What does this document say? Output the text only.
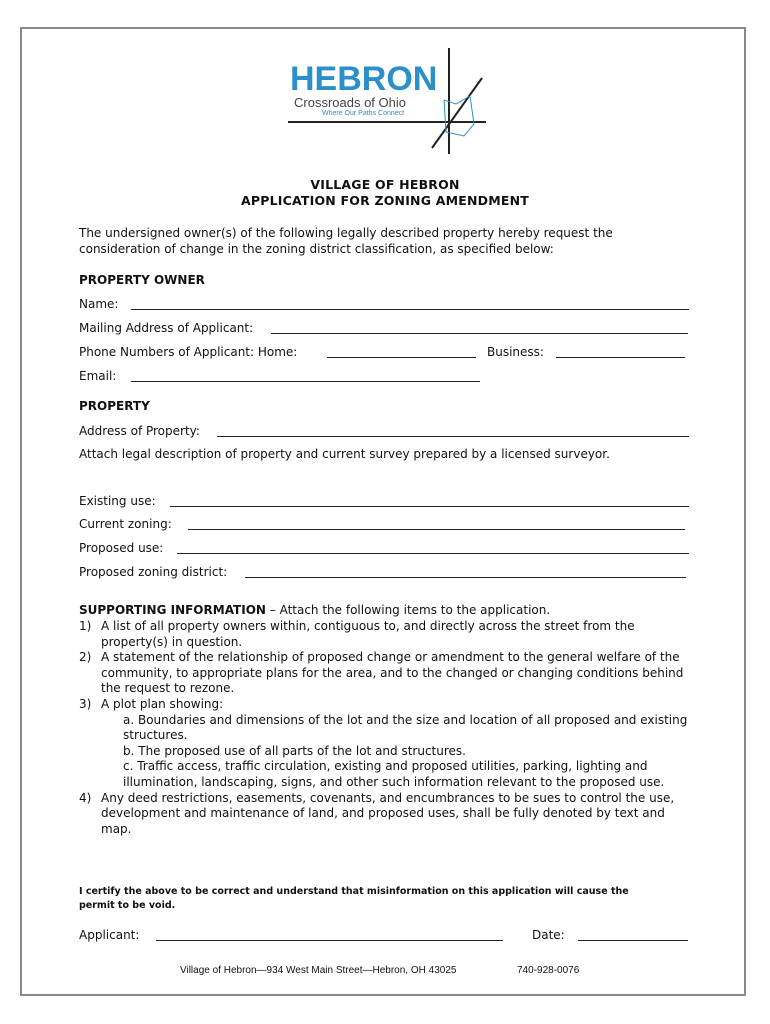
HEBRON
Crossroads of Ohio
Where Our Paths Connect
VILLAGE OF HEBRON
APPLICATION FOR ZONING AMENDMENT
The undersigned owner(s) of the following legally described property hereby request the
consideration of change in the zoning district classification, as specified below:
PROPERTY OWNER
Name:
Mailing Address of Applicant:
Phone Numbers of Applicant: Home:	Business:
Email:
PROPERTY
Address of Property:
Attach legal description of property and current survey prepared by a licensed surveyor.
Existing use:
Current zoning:
Proposed use:
Proposed zoning district:
SUPPORTING INFORMATION – Attach the following items to the application.
1) A list of all property owners within, contiguous to, and directly across the street from the property(s) in question.
2) A statement of the relationship of proposed change or amendment to the general welfare of the community, to appropriate plans for the area, and to the changed or changing conditions behind the request to rezone.
3) A plot plan showing:
a. Boundaries and dimensions of the lot and the size and location of all proposed and existing structures.
b. The proposed use of all parts of the lot and structures.
c. Traffic access, traffic circulation, existing and proposed utilities, parking, lighting and illumination, landscaping, signs, and other such information relevant to the proposed use.
4) Any deed restrictions, easements, covenants, and encumbrances to be sues to control the use, development and maintenance of land, and proposed uses, shall be fully denoted by text and map.
I certify the above to be correct and understand that misinformation on this application will cause the
permit to be void.
Applicant:	Date:
Village of Hebron—934 West Main Street—Hebron, OH 43025	740-928-0076
